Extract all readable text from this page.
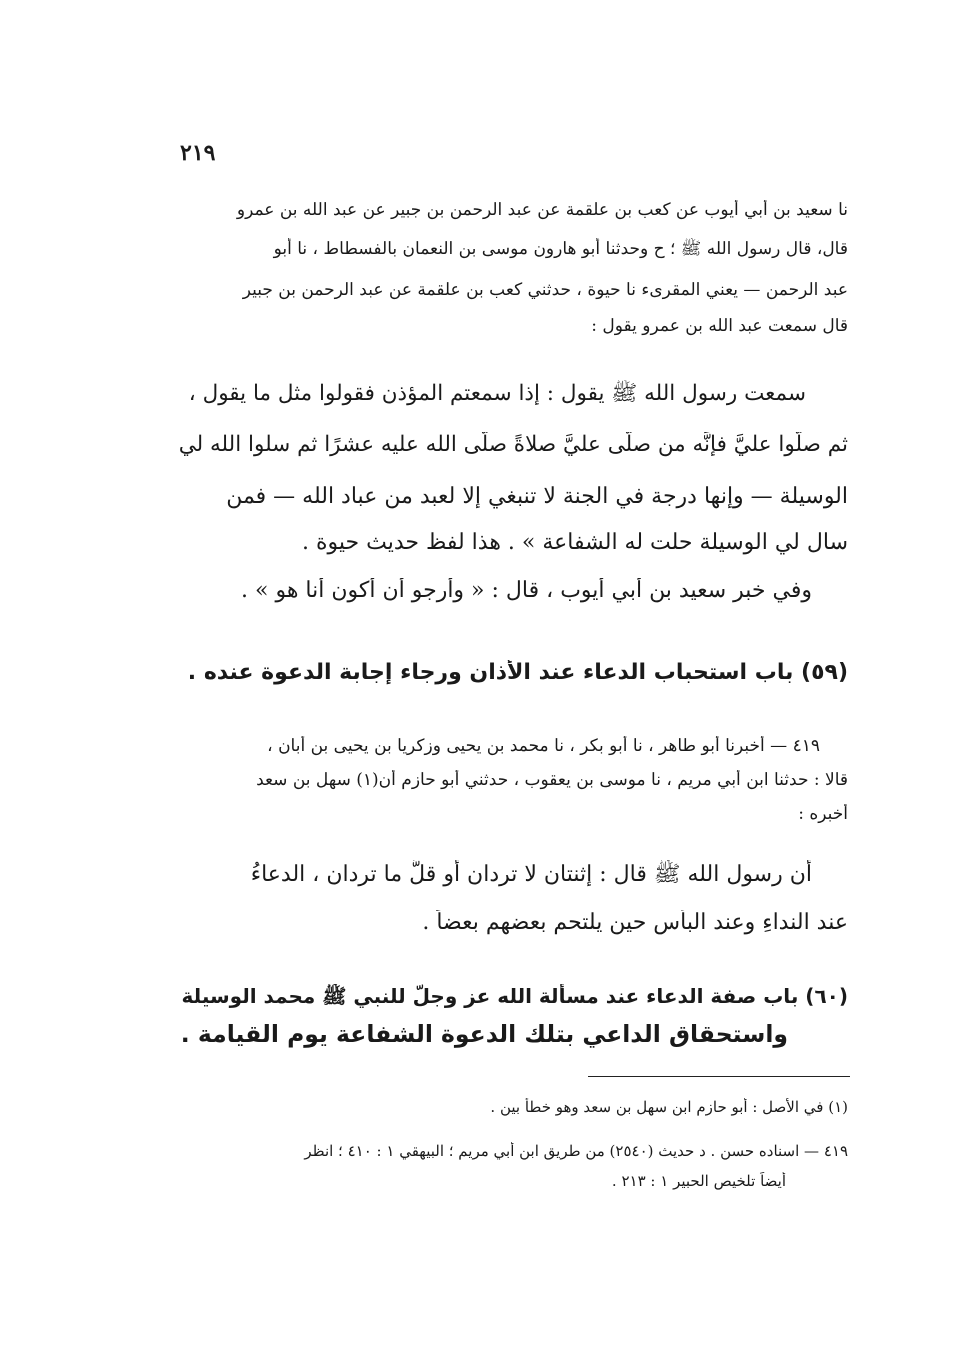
٢١٩
نا سعيد بن أبي أيوب عن كعب بن علقمة عن عبد الرحمن بن جبير عن عبد الله بن عمرو
قال، قال رسول الله ﷺ ؛ ح وحدثنا أبو هارون موسى بن النعمان بالفسطاط ، نا أبو
عبد الرحمن — يعني المقرىء نا حيوة ، حدثني كعب بن علقمة عن عبد الرحمن بن جبير
قال سمعت عبد الله بن عمرو يقول :
سمعت رسول الله ﷺ يقول : إذا سمعتم المؤذن فقولوا مثل ما يقول ،
ثم صلُّوا عليَّ فإنَّه من صلَّى عليَّ صلاةً صلَّى الله عليه عشرًا ثم سلوا الله لي
الوسيلة — وإنها درجة في الجنة لا تنبغي إلا لعبد من عباد الله — فمن
سال لي الوسيلة حلت له الشفاعة » . هذا لفظ حديث حيوة .
وفي خبر سعيد بن أبي أيوب ، قال : « وأرجو أن أكون أنا هو » .
(٥٩) باب استحباب الدعاء عند الأذان ورجاء إجابة الدعوة عنده .
٤١٩ — أخبرنا أبو طاهر ، نا أبو بكر ، نا محمد بن يحيى وزكريا بن يحيى بن أبان ،
قالا : حدثنا ابن أبي مريم ، نا موسى بن يعقوب ، حدثني أبو حازم أن(١) سهل بن سعد
أخبره :
أن رسول الله ﷺ قال : إثنتان لا تردان أو قلَّ ما تردان ، الدعاءُ
عند النداءِ وعند البأس حين يلتحم بعضهم بعضاً .
(٦٠) باب صفة الدعاء عند مسألة الله عز وجلّ للنبي ﷺ محمد الوسيلة
واستحقاق الداعي بتلك الدعوة الشفاعة يوم القيامة .
(١) في الأصل : أبو حازم ابن سهل بن سعد وهو خطأ بين .
٤١٩ — اسناده حسن . د حديث (٢٥٤٠) من طريق ابن أبي مريم ؛ البيهقي ١ : ٤١٠ ؛ انظر
أيضاً تلخيص الحبير ١ : ٢١٣ .
